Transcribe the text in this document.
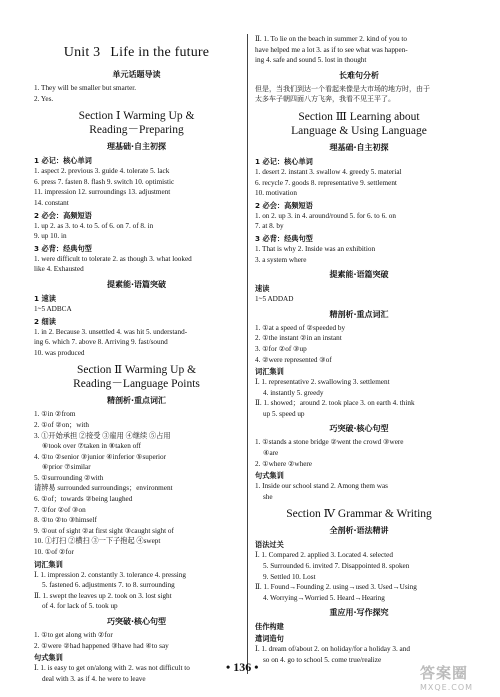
Unit 3 Life in the future
单元话题导读
1. They will be smaller but smarter.
2. Yes.
Section Ⅰ Warming Up &
Reading－Preparing
理基础·自主初探
1 必记：核心单词
1. aspect 2. previous 3. guide 4. tolerate 5. lack
6. press 7. fasten 8. flash 9. switch 10. optimistic
11. impression 12. surroundings 13. adjustment
14. constant
2 必会：高频短语
1. up 2. as 3. to 4. to 5. of 6. on 7. of 8. in
9. up 10. in
3 必背：经典句型
1. were difficult to tolerate 2. as though 3. what looked
like 4. Exhausted
提素能·语篇突破
1 速读
1~5 ADBCA
2 细读
1. in 2. Because 3. unsettled 4. was hit 5. understand-
ing 6. which 7. above 8. Arriving 9. fast/sound
10. was produced
Section Ⅱ Warming Up &
Reading－Language Points
精剖析·重点词汇
1. ①in ②from
2. ①of ②on；with
3. ①开始承担 ②接受 ③雇用 ④继续 ⑤占用
⑥took over ⑦taken in ⑧taken off
4. ①to ②senior ③junior ④inferior ⑤superior
⑥prior ⑦similar
5. ①surrounding ②with
请辨易 surrounded surroundings；environment
6. ①of；towards ②being laughed
7. ①for ②of ③on
8. ①to ②to ③himself
9. ①out of sight ②at first sight ③caught sight of
10. ①打扫 ②横扫 ③一下子抱起 ④swept
10. ①of ②for
词汇集训
Ⅰ. 1. impression 2. constantly 3. tolerance 4. pressing
5. fastened 6. adjustments 7. to 8. surrounding
Ⅱ. 1. swept the leaves up 2. took on 3. lost sight
of 4. for lack of 5. took up
巧突破·核心句型
1. ①to get along with ②for
2. ①were ②had happened ③have had ④to say
句式集训
Ⅰ. 1. is easy to get on/along with 2. was not difficult to
deal with 3. as if 4. he were to leave
Ⅱ. 1. To lie on the beach in summer 2. kind of you to
have helped me a lot 3. as if to see what was happen-
ing 4. safe and sound 5. lost in thought
长难句分析
但是，当我们到达一个看起来像是大市场的地方时，由于
太多车子朝四面八方飞奔，我看不见王平了。
Section Ⅲ Learning about
Language & Using Language
理基础·自主初探
1 必记：核心单词
1. desert 2. instant 3. swallow 4. greedy 5. material
6. recycle 7. goods 8. representative 9. settlement
10. motivation
2 必会：高频短语
1. on 2. up 3. in 4. around/round 5. for 6. to 6. on
7. at 8. by
3 必背：经典句型
1. That is why 2. Inside was an exhibition
3. a system where
提素能·语篇突破
速读
1~5 ADDAD
精剖析·重点词汇
1. ①at a speed of ②speeded by
2. ①the instant ②in an instant
3. ①for ②of ③up
4. ②were represented ③of
词汇集训
Ⅰ. 1. representative 2. swallowing 3. settlement
4. instantly 5. greedy
Ⅱ. 1. showed；around 2. took place 3. on earth 4. think
up 5. speed up
巧突破·核心句型
1. ①stands a stone bridge ②went the crowd ③were
④are
2. ①where ②where
句式集训
1. Inside our school stand 2. Among them was
she
Section Ⅳ Grammar & Writing
全剖析·语法精讲
语法过关
Ⅰ. 1. Compared 2. applied 3. Located 4. selected
5. Surrounded 6. invited 7. Disappointed 8. spoken
9. Settled 10. Lost
Ⅱ. 1. Found→Founding 2. using→used 3. Used→Using
4. Worrying→Worried 5. Heard→Hearing
重应用·写作探究
佳作构建
遣词造句
Ⅰ. 1. dream of/about 2. on holiday/for a holiday 3. and
so on 4. go to school 5. come true/realize
• 136 •	答案圈
MXQE.COM
